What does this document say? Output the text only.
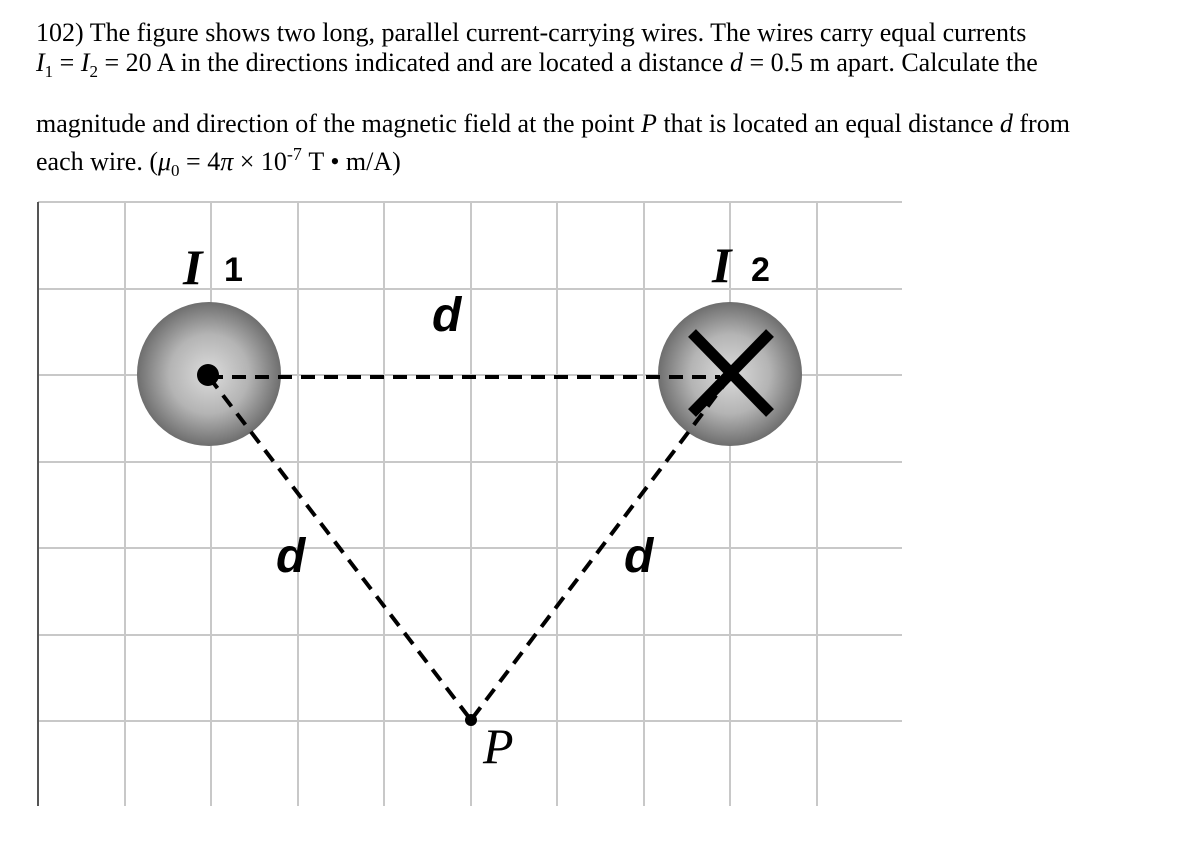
102) The figure shows two long, parallel current-carrying wires. The wires carry equal currents

$I_1 = I_2 = 20$ A in the directions indicated and are located a distance d = 0.5 m apart. Calculate the

magnitude and direction of the magnetic field at the point P that is located an equal distance d from

each wire. ($\mu_0 = 4\pi \times 10^{-7}$ T • m/A)

I 1	I 2
d
d	d
P
